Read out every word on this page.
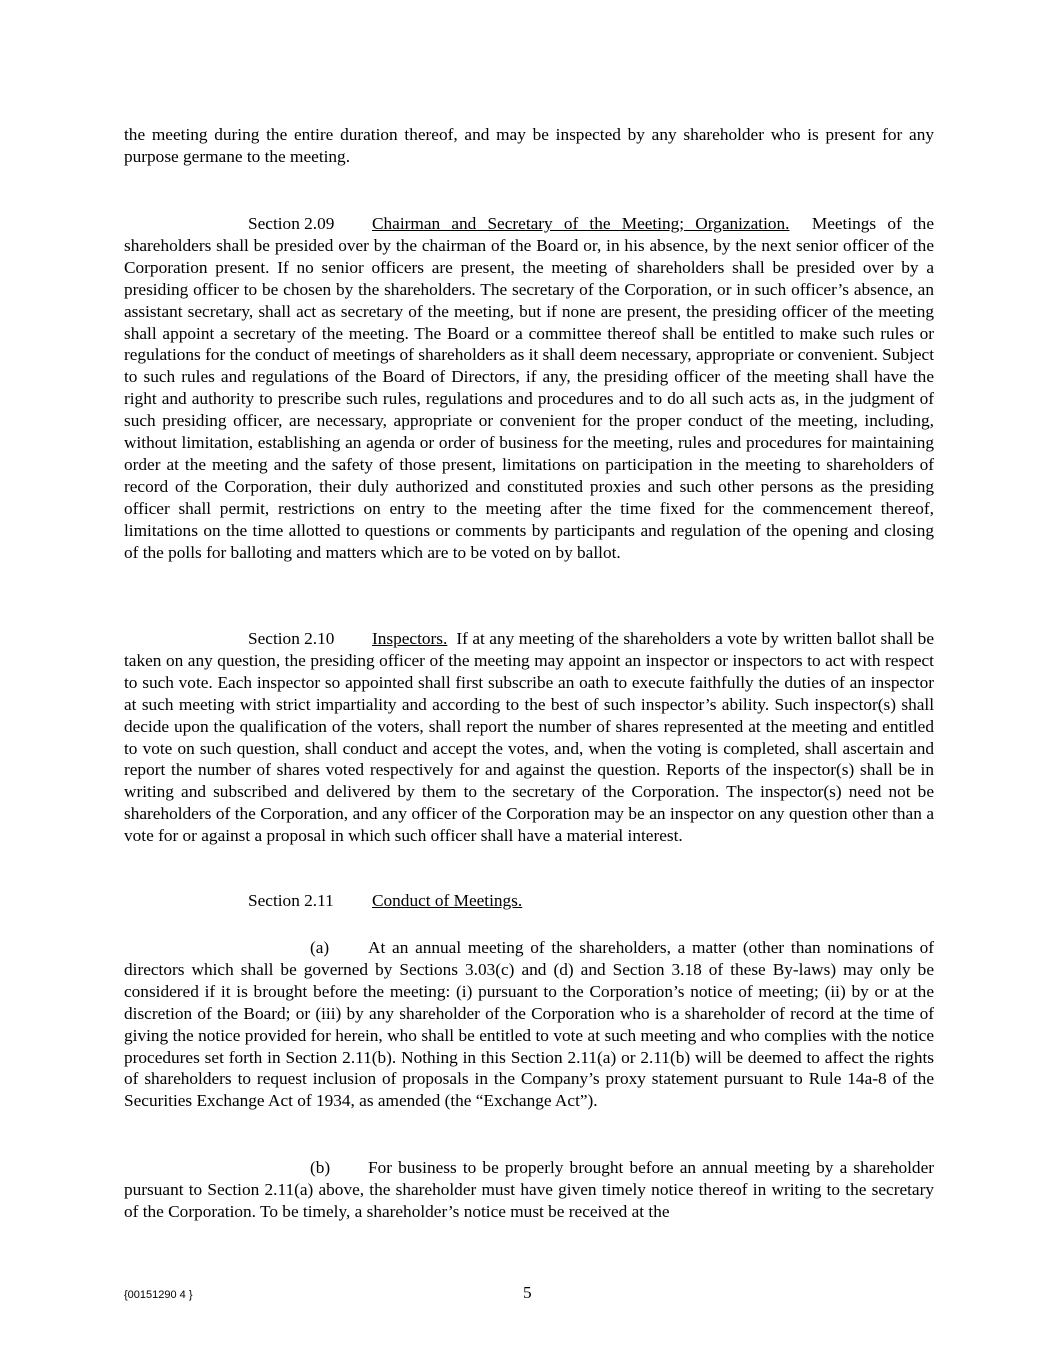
the meeting during the entire duration thereof, and may be inspected by any shareholder who is present for any purpose germane to the meeting.

Section 2.09 Chairman and Secretary of the Meeting; Organization. Meetings of the shareholders shall be presided over by the chairman of the Board or, in his absence, by the next senior officer of the Corporation present. If no senior officers are present, the meeting of shareholders shall be presided over by a presiding officer to be chosen by the shareholders. The secretary of the Corporation, or in such officer’s absence, an assistant secretary, shall act as secretary of the meeting, but if none are present, the presiding officer of the meeting shall appoint a secretary of the meeting. The Board or a committee thereof shall be entitled to make such rules or regulations for the conduct of meetings of shareholders as it shall deem necessary, appropriate or convenient. Subject to such rules and regulations of the Board of Directors, if any, the presiding officer of the meeting shall have the right and authority to prescribe such rules, regulations and procedures and to do all such acts as, in the judgment of such presiding officer, are necessary, appropriate or convenient for the proper conduct of the meeting, including, without limitation, establishing an agenda or order of business for the meeting, rules and procedures for maintaining order at the meeting and the safety of those present, limitations on participation in the meeting to shareholders of record of the Corporation, their duly authorized and constituted proxies and such other persons as the presiding officer shall permit, restrictions on entry to the meeting after the time fixed for the commencement thereof, limitations on the time allotted to questions or comments by participants and regulation of the opening and closing of the polls for balloting and matters which are to be voted on by ballot.

Section 2.10 Inspectors. If at any meeting of the shareholders a vote by written ballot shall be taken on any question, the presiding officer of the meeting may appoint an inspector or inspectors to act with respect to such vote. Each inspector so appointed shall first subscribe an oath to execute faithfully the duties of an inspector at such meeting with strict impartiality and according to the best of such inspector’s ability. Such inspector(s) shall decide upon the qualification of the voters, shall report the number of shares represented at the meeting and entitled to vote on such question, shall conduct and accept the votes, and, when the voting is completed, shall ascertain and report the number of shares voted respectively for and against the question. Reports of the inspector(s) shall be in writing and subscribed and delivered by them to the secretary of the Corporation. The inspector(s) need not be shareholders of the Corporation, and any officer of the Corporation may be an inspector on any question other than a vote for or against a proposal in which such officer shall have a material interest.

Section 2.11 Conduct of Meetings.

(a) At an annual meeting of the shareholders, a matter (other than nominations of directors which shall be governed by Sections 3.03(c) and (d) and Section 3.18 of these By-laws) may only be considered if it is brought before the meeting: (i) pursuant to the Corporation’s notice of meeting; (ii) by or at the discretion of the Board; or (iii) by any shareholder of the Corporation who is a shareholder of record at the time of giving the notice provided for herein, who shall be entitled to vote at such meeting and who complies with the notice procedures set forth in Section 2.11(b). Nothing in this Section 2.11(a) or 2.11(b) will be deemed to affect the rights of shareholders to request inclusion of proposals in the Company’s proxy statement pursuant to Rule 14a-8 of the Securities Exchange Act of 1934, as amended (the “Exchange Act”).

(b) For business to be properly brought before an annual meeting by a shareholder pursuant to Section 2.11(a) above, the shareholder must have given timely notice thereof in writing to the secretary of the Corporation. To be timely, a shareholder’s notice must be received at the

{00151290 4 }	5
